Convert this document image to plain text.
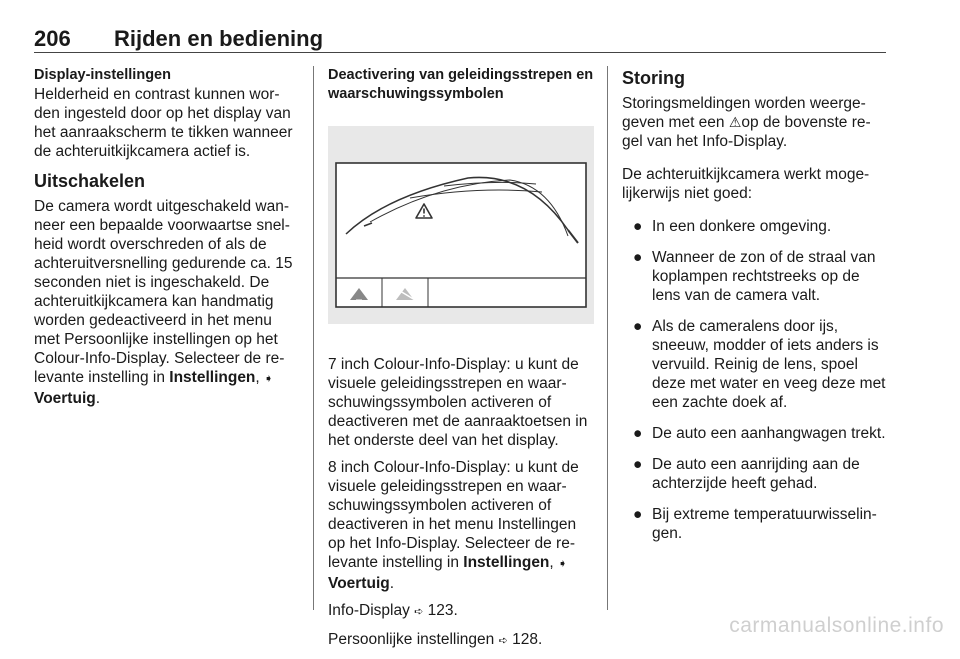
206 Rijden en bediening
Display-instellingen

Helderheid en contrast kunnen wor-den ingesteld door op het display van het aanraakscherm te tikken wanneer de achteruitkijkcamera actief is.

Uitschakelen

De camera wordt uitgeschakeld wan-neer een bepaalde voorwaartse snel-heid wordt overschreden of als de achteruitversnelling gedurende ca. 15 seconden niet is ingeschakeld. De achteruitkijkcamera kan handmatig worden gedeactiveerd in het menu met Persoonlijke instellingen op het Colour-Info-Display. Selecteer de re-levante instelling in Instellingen, ➧
Voertuig.

Deactivering van geleidingsstrepen en waarschuwingssymbolen

7 inch Colour-Info-Display: u kunt de visuele geleidingsstrepen en waar-schuwingssymbolen activeren of deactiveren met de aanraaktoetsen in het onderste deel van het display.

8 inch Colour-Info-Display: u kunt de visuele geleidingsstrepen en waar-schuwingssymbolen activeren of deactiveren in het menu Instellingen op het Info-Display. Selecteer de re-levante instelling in Instellingen, ➧
Voertuig.

Info-Display ➪ 123.

Persoonlijke instellingen ➪ 128.

Storing

Storingsmeldingen worden weerge-geven met een ⚠op de bovenste re-gel van het Info-Display.

De achteruitkijkcamera werkt moge-lijkerwijs niet goed:

● In een donkere omgeving.
● Wanneer de zon of de straal van koplampen rechtstreeks op de lens van de camera valt.
● Als de cameralens door ijs, sneeuw, modder of iets anders is vervuild. Reinig de lens, spoel deze met water en veeg deze met een zachte doek af.
● De auto een aanhangwagen trekt.
● De auto een aanrijding aan de achterzijde heeft gehad.
● Bij extreme temperatuurwisselin-gen.
carmanualsonline.info
